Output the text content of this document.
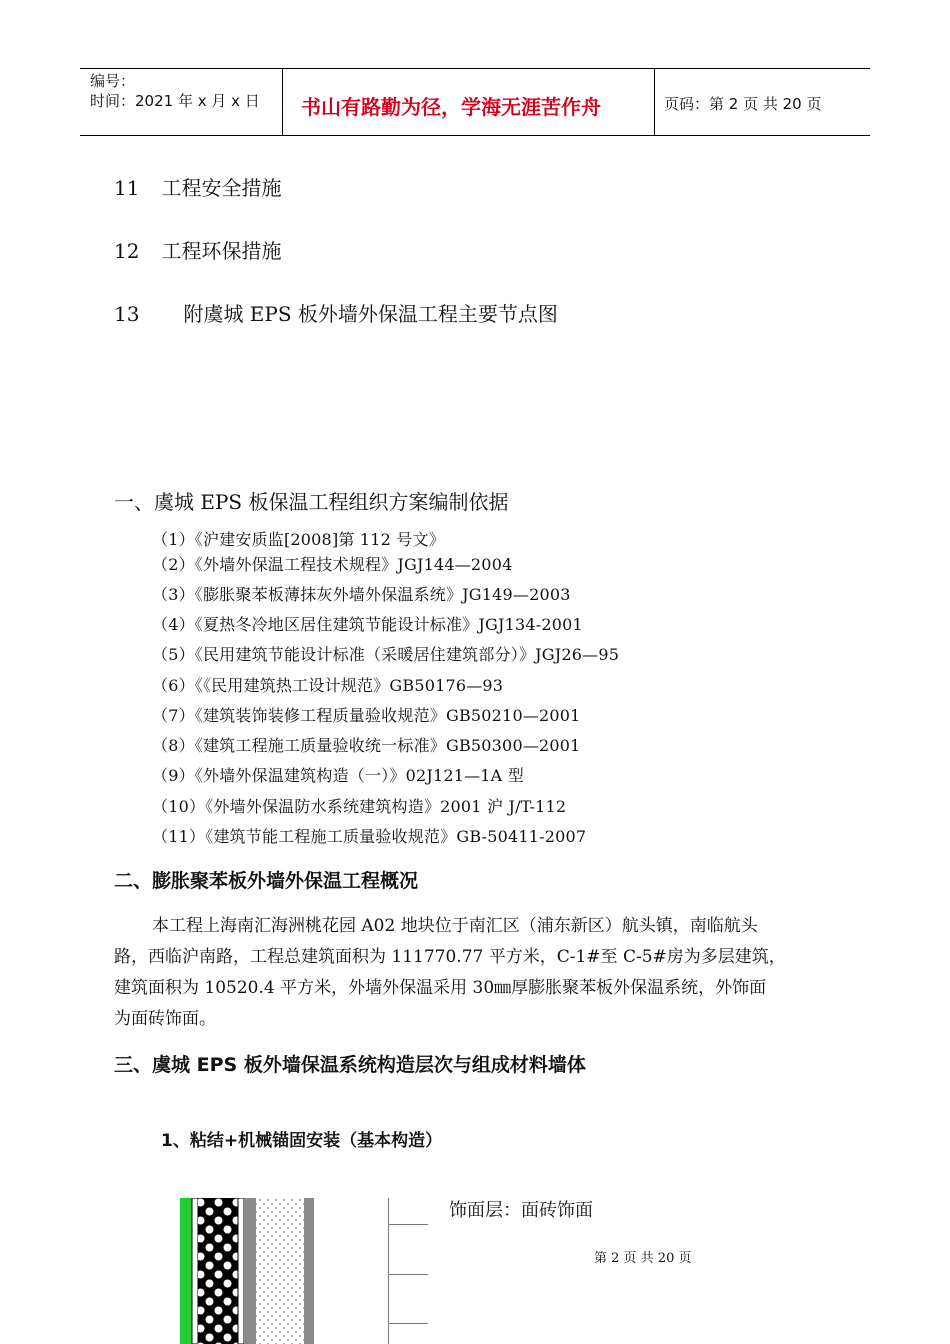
编号：
时间：2021 年 x 月 x 日 书山有路勤为径，学海无涯苦作舟	页码：第 2 页 共 20 页
11 工程安全措施
12 工程环保措施
13 附虞城 EPS 板外墙外保温工程主要节点图
一、虞城 EPS 板保温工程组织方案编制依据
（1）《沪建安质监[2008]第 112 号文》
（2）《外墙外保温工程技术规程》JGJ144—2004
（3）《膨胀聚苯板薄抹灰外墙外保温系统》JG149—2003
（4）《夏热冬冷地区居住建筑节能设计标准》JGJ134-2001
（5）《民用建筑节能设计标准（采暖居住建筑部分）》JGJ26—95
（6）《《民用建筑热工设计规范》GB50176—93
（7）《建筑装饰装修工程质量验收规范》GB50210—2001
（8）《建筑工程施工质量验收统一标准》GB50300—2001
（9）《外墙外保温建筑构造（一）》02J121—1A 型
（10）《外墙外保温防水系统建筑构造》2001 沪 J/T-112
（11）《建筑节能工程施工质量验收规范》GB-50411-2007
二、膨胀聚苯板外墙外保温工程概况
本工程上海南汇海洲桃花园 A02 地块位于南汇区（浦东新区）航头镇，南临航头
路，西临沪南路，工程总建筑面积为 111770.77 平方米，C-1#至 C-5#房为多层建筑，
建筑面积为 10520.4 平方米，外墙外保温采用 30㎜厚膨胀聚苯板外保温系统，外饰面
为面砖饰面。
三、虞城 EPS 板外墙保温系统构造层次与组成材料墙体
1、粘结+机械锚固安装（基本构造）
饰面层：面砖饰面
第 2 页 共 20 页
